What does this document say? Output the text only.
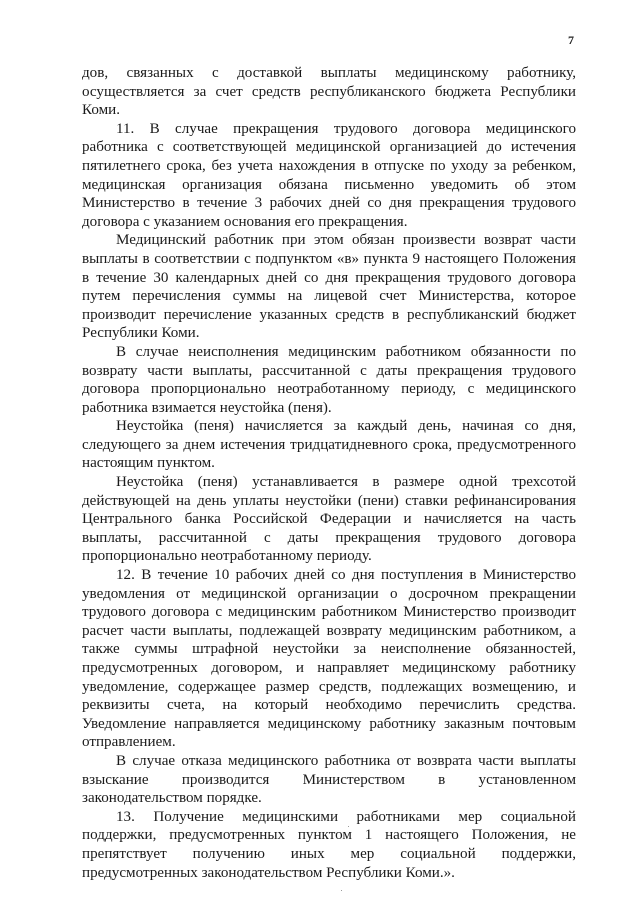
7

дов, связанных с доставкой выплаты медицинскому работнику, осуществляется за счет средств республиканского бюджета Республики Коми.

11. В случае прекращения трудового договора медицинского работника с соответствующей медицинской организацией до истечения пятилетнего срока, без учета нахождения в отпуске по уходу за ребенком, медицинская организация обязана письменно уведомить об этом Министерство в течение 3 рабочих дней со дня прекращения трудового договора с указанием основания его прекращения.

Медицинский работник при этом обязан произвести возврат части выплаты в соответствии с подпунктом «в» пункта 9 настоящего Положения в течение 30 календарных дней со дня прекращения трудового договора путем перечисления суммы на лицевой счет Министерства, которое производит перечисление указанных средств в республиканский бюджет Республики Коми.

В случае неисполнения медицинским работником обязанности по возврату части выплаты, рассчитанной с даты прекращения трудового договора пропорционально неотработанному периоду, с медицинского работника взимается неустойка (пеня).

Неустойка (пеня) начисляется за каждый день, начиная со дня, следующего за днем истечения тридцатидневного срока, предусмотренного настоящим пунктом.

Неустойка (пеня) устанавливается в размере одной трехсотой действующей на день уплаты неустойки (пени) ставки рефинансирования Центрального банка Российской Федерации и начисляется на часть выплаты, рассчитанной с даты прекращения трудового договора пропорционально неотработанному периоду.

12. В течение 10 рабочих дней со дня поступления в Министерство уведомления от медицинской организации о досрочном прекращении трудового договора с медицинским работником Министерство производит расчет части выплаты, подлежащей возврату медицинским работником, а также суммы штрафной неустойки за неисполнение обязанностей, предусмотренных договором, и направляет медицинскому работнику уведомление, содержащее размер средств, подлежащих возмещению, и реквизиты счета, на который необходимо перечислить средства. Уведомление направляется медицинскому работнику заказным почтовым отправлением.

В случае отказа медицинского работника от возврата части выплаты взыскание производится Министерством в установленном законодательством порядке.

13. Получение медицинскими работниками мер социальной поддержки, предусмотренных пунктом 1 настоящего Положения, не препятствует получению иных мер социальной поддержки, предусмотренных законодательством Республики Коми.».
